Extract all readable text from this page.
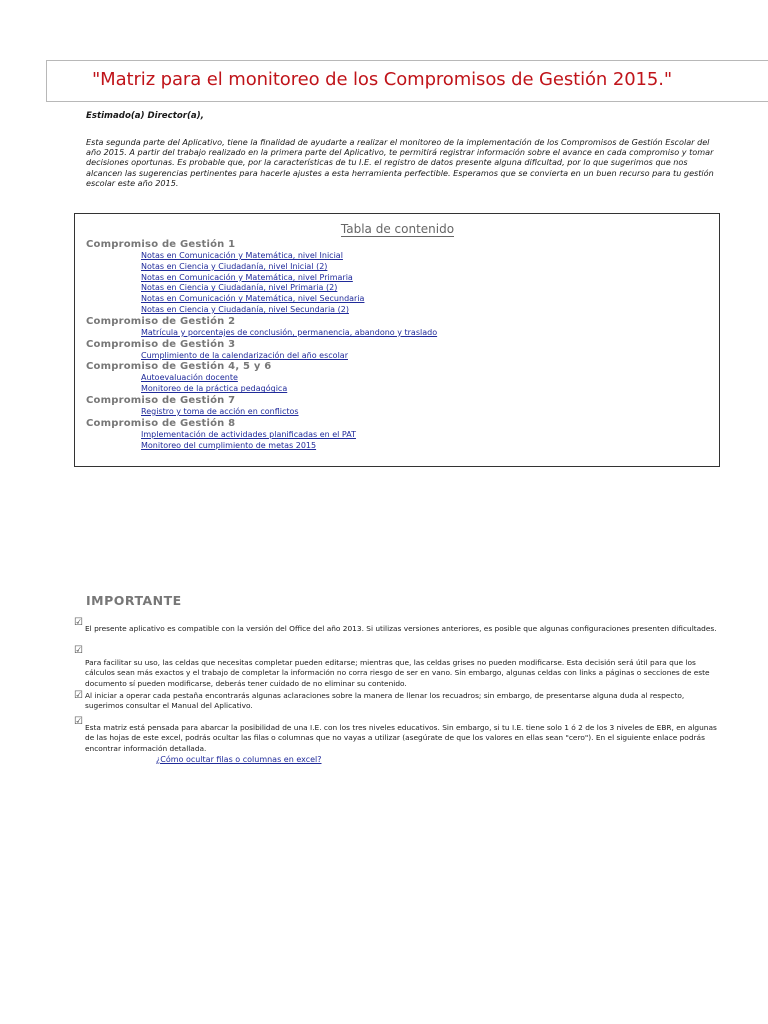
"Matriz para el monitoreo de los Compromisos de Gestión 2015."
Estimado(a) Director(a),

Esta segunda parte del Aplicativo, tiene la finalidad de ayudarte a realizar el monitoreo de la implementación de los Compromisos de Gestión Escolar del año 2015. A partir del trabajo realizado en la primera parte del Aplicativo, te permitirá registrar información sobre el avance en cada compromiso y tomar decisiones oportunas. Es probable que, por la características de tu I.E. el registro de datos presente alguna dificultad, por lo que sugerimos que nos alcancen las sugerencias pertinentes para hacerle ajustes a esta herramienta perfectible. Esperamos que se convierta en un buen recurso para tu gestión escolar este año 2015.

Tabla de contenido
Compromiso de Gestión 1
Notas en Comunicación y Matemática, nivel Inicial
Notas en Ciencia y Ciudadanía, nivel Inicial (2)
Notas en Comunicación y Matemática, nivel Primaria
Notas en Ciencia y Ciudadanía, nivel Primaria (2)
Notas en Comunicación y Matemática, nivel Secundaria
Notas en Ciencia y Ciudadanía, nivel Secundaria (2)
Compromiso de Gestión 2
Matrícula y porcentajes de conclusión, permanencia, abandono y traslado
Compromiso de Gestión 3
Cumplimiento de la calendarización del año escolar
Compromiso de Gestión 4, 5 y 6
Autoevaluación docente
Monitoreo de la práctica pedagógica
Compromiso de Gestión 7
Registro y toma de acción en conflictos
Compromiso de Gestión 8
Implementación de actividades planificadas en el PAT
Monitoreo del cumplimiento de metas 2015
IMPORTANTE
☑

El presente aplicativo es compatible con la versión del Office del año 2013. Si utilizas versiones anteriores, es posible que algunas configuraciones presenten dificultades.

☑

Para facilitar su uso, las celdas que necesitas completar pueden editarse; mientras que, las celdas grises no pueden modificarse. Esta decisión será útil para que los cálculos sean más exactos y el trabajo de completar la información no corra riesgo de ser en vano. Sin embargo, algunas celdas con links a páginas o secciones de este documento sí pueden modificarse, deberás tener cuidado de no eliminar su contenido.

☑ Al iniciar a operar cada pestaña encontrarás algunas aclaraciones sobre la manera de llenar los recuadros; sin embargo, de presentarse alguna duda al respecto, sugerimos consultar el Manual del Aplicativo.

☑

Esta matriz está pensada para abarcar la posibilidad de una I.E. con los tres niveles educativos. Sin embargo, si tu I.E. tiene solo 1 ó 2 de los 3 niveles de EBR, en algunas de las hojas de este excel, podrás ocultar las filas o columnas que no vayas a utilizar (asegúrate de que los valores en ellas sean "cero"). En el siguiente enlace podrás encontrar información detallada.

¿Cómo ocultar filas o columnas en excel?
